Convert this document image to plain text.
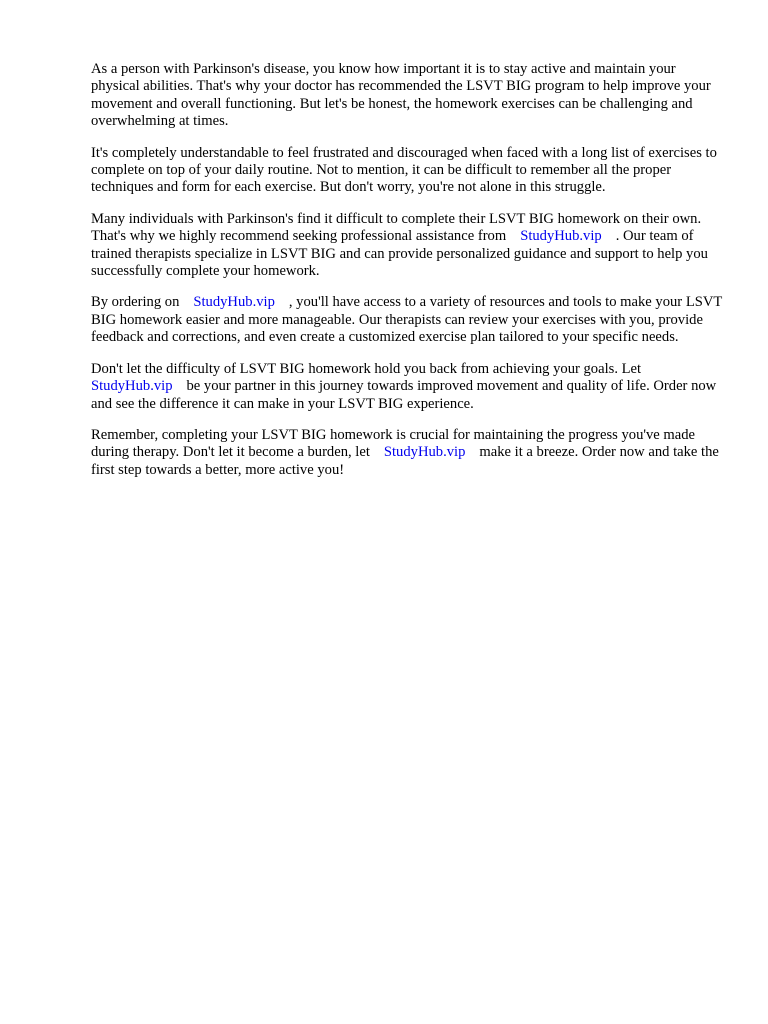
As a person with Parkinson's disease, you know how important it is to stay active and maintain your physical abilities. That's why your doctor has recommended the LSVT BIG program to help improve your movement and overall functioning. But let's be honest, the homework exercises can be challenging and overwhelming at times.

It's completely understandable to feel frustrated and discouraged when faced with a long list of exercises to complete on top of your daily routine. Not to mention, it can be difficult to remember all the proper techniques and form for each exercise. But don't worry, you're not alone in this struggle.

Many individuals with Parkinson's find it difficult to complete their LSVT BIG homework on their own. That's why we highly recommend seeking professional assistance from StudyHub.vip . Our team of trained therapists specialize in LSVT BIG and can provide personalized guidance and support to help you successfully complete your homework.

By ordering on StudyHub.vip , you'll have access to a variety of resources and tools to make your LSVT BIG homework easier and more manageable. Our therapists can review your exercises with you, provide feedback and corrections, and even create a customized exercise plan tailored to your specific needs.

Don't let the difficulty of LSVT BIG homework hold you back from achieving your goals. Let StudyHub.vip be your partner in this journey towards improved movement and quality of life. Order now and see the difference it can make in your LSVT BIG experience.

Remember, completing your LSVT BIG homework is crucial for maintaining the progress you've made during therapy. Don't let it become a burden, let StudyHub.vip make it a breeze. Order now and take the first step towards a better, more active you!
